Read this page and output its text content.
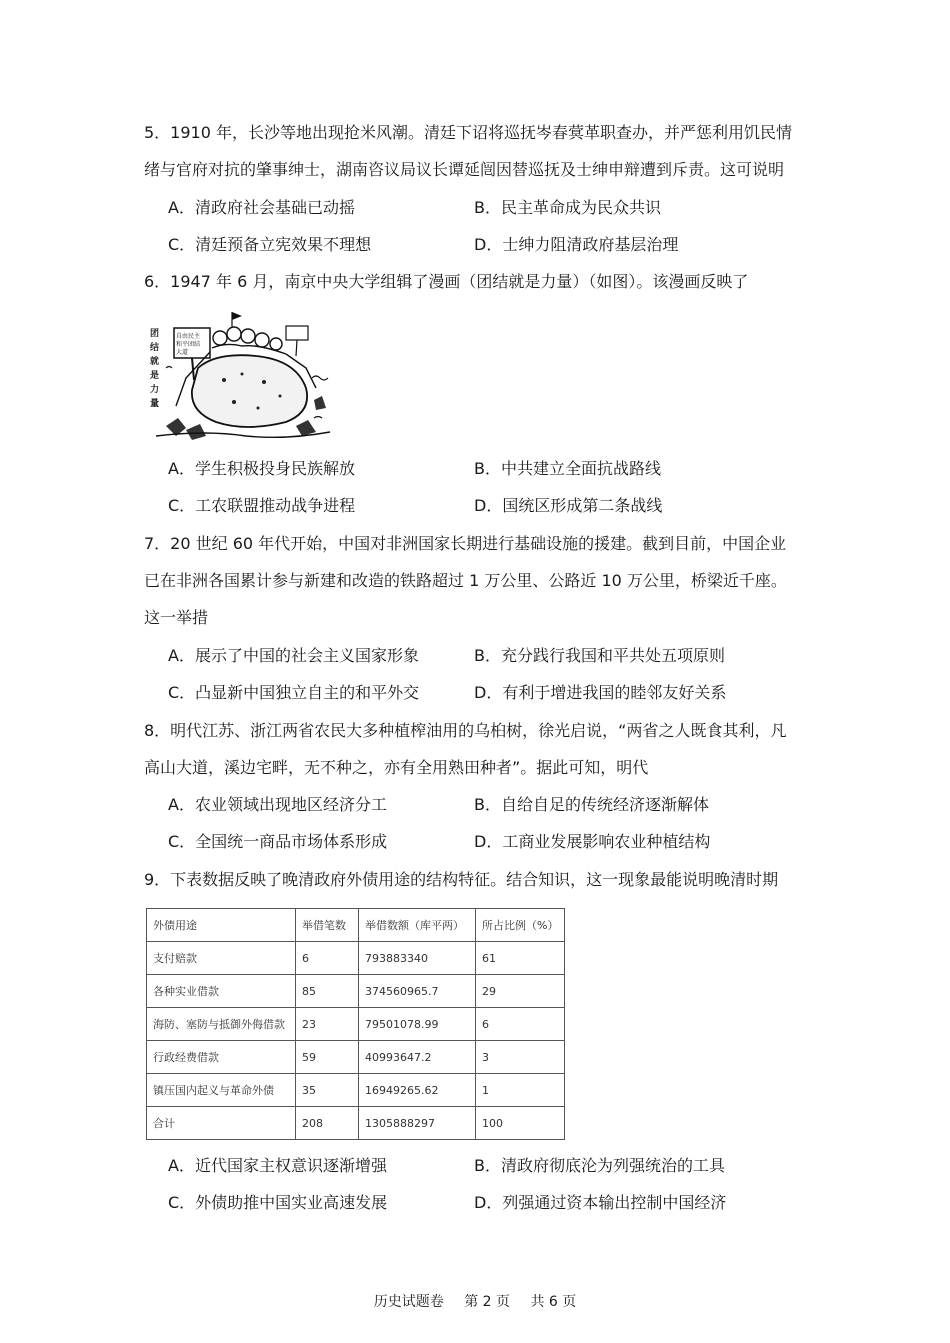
5．1910 年，长沙等地出现抢米风潮。清廷下诏将巡抚岑春蓂革职查办，并严惩利用饥民情
绪与官府对抗的肇事绅士，湖南咨议局议长谭延闿因替巡抚及士绅申辩遭到斥责。这可说明
A．清政府社会基础已动摇	B．民主革命成为民众共识
C．清廷预备立宪效果不理想	D．士绅力阻清政府基层治理
6．1947 年 6 月，南京中央大学组辑了漫画（团结就是力量）（如图）。该漫画反映了
团
结
就
是
力
量
自由民主
和平团结
大道
A．学生积极投身民族解放	B．中共建立全面抗战路线
C．工农联盟推动战争进程	D．国统区形成第二条战线
7．20 世纪 60 年代开始，中国对非洲国家长期进行基础设施的援建。截到目前，中国企业
已在非洲各国累计参与新建和改造的铁路超过 1 万公里、公路近 10 万公里，桥梁近千座。
这一举措
A．展示了中国的社会主义国家形象	B．充分践行我国和平共处五项原则
C．凸显新中国独立自主的和平外交	D．有利于增进我国的睦邻友好关系
8．明代江苏、浙江两省农民大多种植榨油用的乌桕树，徐光启说，“两省之人既食其利，凡
高山大道，溪边宅畔，无不种之，亦有全用熟田种者”。据此可知，明代
A．农业领域出现地区经济分工	B．自给自足的传统经济逐渐解体
C．全国统一商品市场体系形成	D．工商业发展影响农业种植结构
9．下表数据反映了晚清政府外债用途的结构特征。结合知识，这一现象最能说明晚清时期
外债用途	举借笔数	举借数额（库平两）	所占比例（%）
支付赔款	6	793883340	61
各种实业借款	85	374560965.7	29
海防、塞防与抵御外侮借款	23	79501078.99	6
行政经费借款	59	40993647.2	3
镇压国内起义与革命外债	35	16949265.62	1
合计	208	1305888297	100
A．近代国家主权意识逐渐增强	B．清政府彻底沦为列强统治的工具
C．外债助推中国实业高速发展	D．列强通过资本输出控制中国经济
历史试题卷 第 2 页 共 6 页
